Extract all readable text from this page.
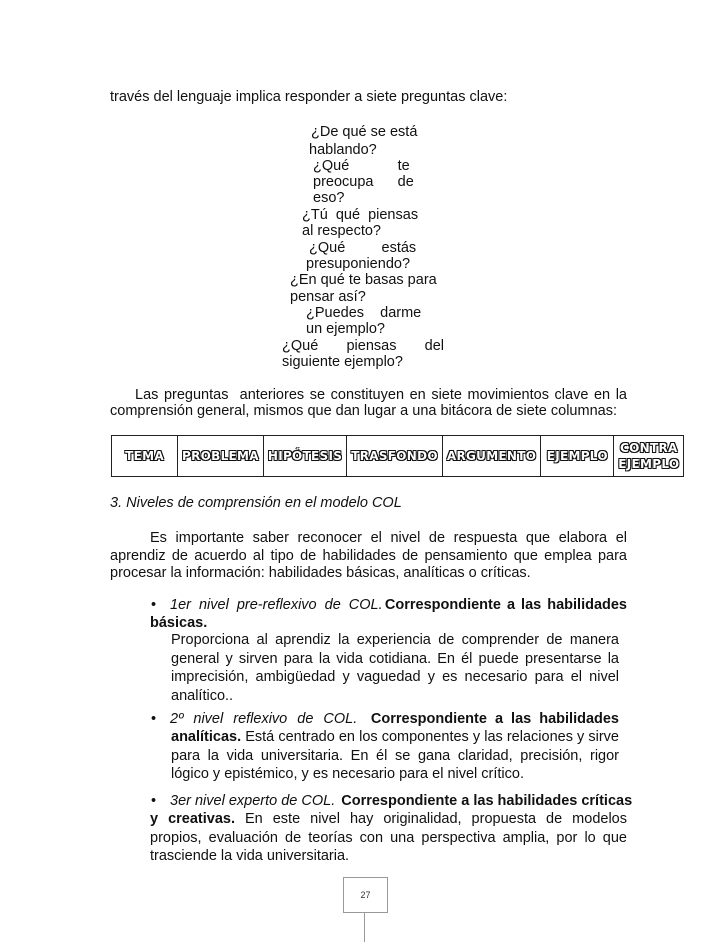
través del lenguaje implica responder a siete preguntas clave:
¿De qué se está
hablando?
¿Qué            te
preocupa      de
eso?
¿Tú  qué  piensas
al respecto?
¿Qué         estás
presuponiendo?
¿En qué te basas para
pensar así?
¿Puedes    darme
un ejemplo?
¿Qué       piensas       del
siguiente ejemplo?
Las preguntas  anteriores se constituyen en siete movimientos clave en la
comprensión general, mismos que dan lugar a una bitácora de siete columnas:
TEMA	PROBLEMA	HIPÓTESIS	TRASFONDO	ARGUMENTO	EJEMPLO	CONTRA
EJEMPLO
3. Niveles de comprensión en el modelo COL
Es importante saber reconocer el nivel de respuesta que elabora el
aprendiz de acuerdo al tipo de habilidades de pensamiento que emplea para
procesar la información: habilidades básicas, analíticas o críticas.
• 1er nivel pre-reflexivo de COL. Correspondiente a las habilidades
básicas.
Proporciona al aprendiz la experiencia de comprender de manera general y sirven para la vida cotidiana. En él puede presentarse la imprecisión, ambigüedad y vaguedad y es necesario para el nivel analítico..
• 2º nivel reflexivo de COL. Correspondiente a las habilidades
analíticas. Está centrado en los componentes y las relaciones y sirve para la vida universitaria. En él se gana claridad, precisión, rigor lógico y epistémico, y es necesario para el nivel crítico.
• 3er nivel experto de COL. Correspondiente a las habilidades críticas
y creativas. En este nivel hay originalidad, propuesta de modelos propios, evaluación de teorías con una perspectiva amplia, por lo que trasciende la vida universitaria.
27
